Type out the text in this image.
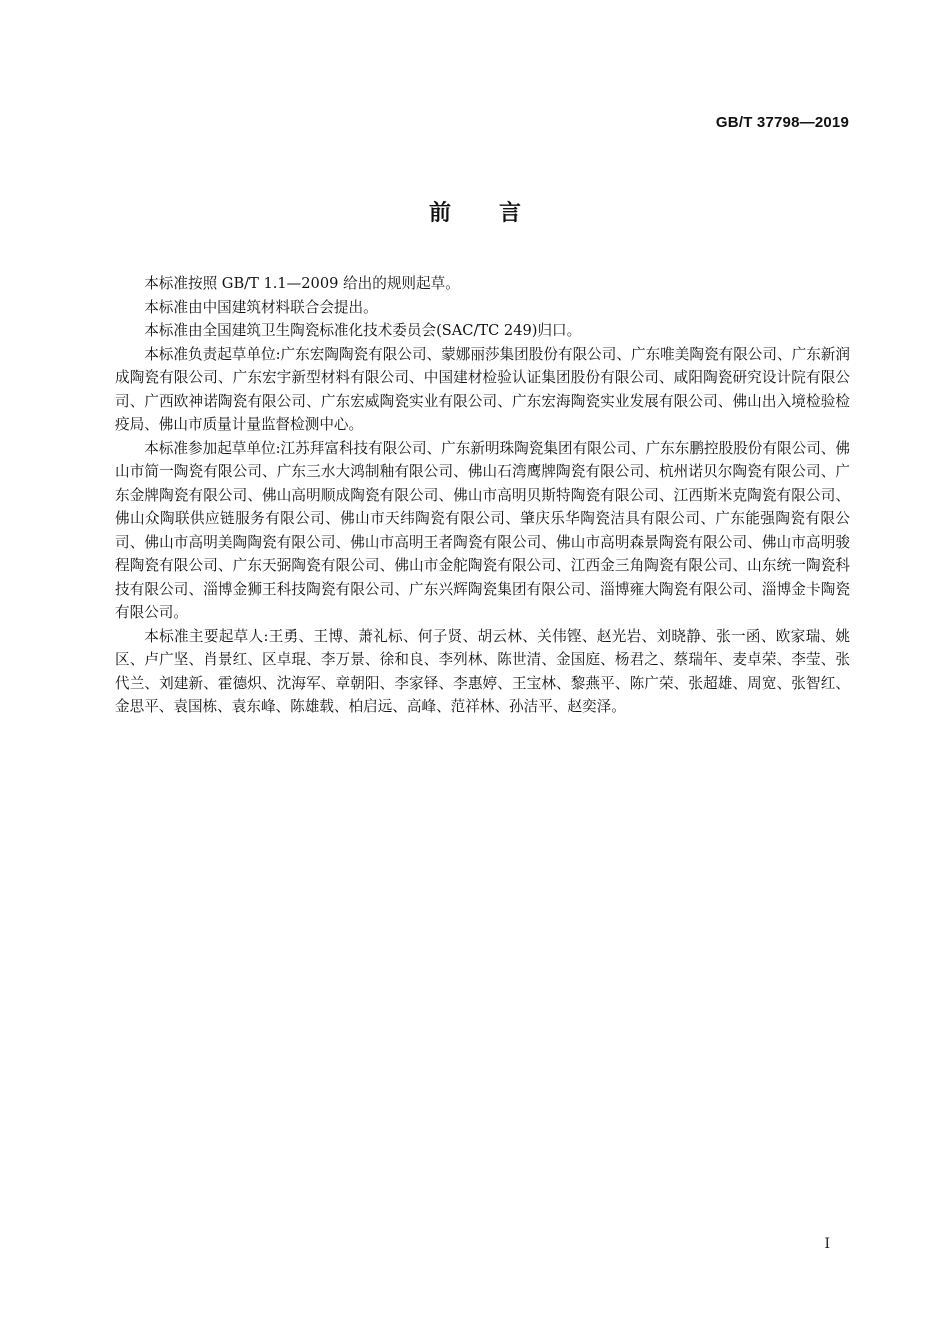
GB/T 37798—2019
前言

本标准按照 GB/T 1.1—2009 给出的规则起草。

本标准由中国建筑材料联合会提出。

本标准由全国建筑卫生陶瓷标准化技术委员会(SAC/TC 249)归口。

本标准负责起草单位:广东宏陶陶瓷有限公司、蒙娜丽莎集团股份有限公司、广东唯美陶瓷有限公司、广东新润成陶瓷有限公司、广东宏宇新型材料有限公司、中国建材检验认证集团股份有限公司、咸阳陶瓷研究设计院有限公司、广西欧神诺陶瓷有限公司、广东宏威陶瓷实业有限公司、广东宏海陶瓷实业发展有限公司、佛山出入境检验检疫局、佛山市质量计量监督检测中心。

本标准参加起草单位:江苏拜富科技有限公司、广东新明珠陶瓷集团有限公司、广东东鹏控股股份有限公司、佛山市简一陶瓷有限公司、广东三水大鸿制釉有限公司、佛山石湾鹰牌陶瓷有限公司、杭州诺贝尔陶瓷有限公司、广东金牌陶瓷有限公司、佛山高明顺成陶瓷有限公司、佛山市高明贝斯特陶瓷有限公司、江西斯米克陶瓷有限公司、佛山众陶联供应链服务有限公司、佛山市天纬陶瓷有限公司、肇庆乐华陶瓷洁具有限公司、广东能强陶瓷有限公司、佛山市高明美陶陶瓷有限公司、佛山市高明王者陶瓷有限公司、佛山市高明森景陶瓷有限公司、佛山市高明骏程陶瓷有限公司、广东天弼陶瓷有限公司、佛山市金舵陶瓷有限公司、江西金三角陶瓷有限公司、山东统一陶瓷科技有限公司、淄博金狮王科技陶瓷有限公司、广东兴辉陶瓷集团有限公司、淄博雍大陶瓷有限公司、淄博金卡陶瓷有限公司。

本标准主要起草人:王勇、王博、萧礼标、何子贤、胡云林、关伟铿、赵光岩、刘晓静、张一函、欧家瑞、姚区、卢广坚、肖景红、区卓琨、李万景、徐和良、李列林、陈世清、金国庭、杨君之、蔡瑞年、麦卓荣、李莹、张代兰、刘建新、霍德炽、沈海军、章朝阳、李家铎、李惠婷、王宝林、黎燕平、陈广荣、张超雄、周宽、张智红、金思平、袁国栋、袁东峰、陈雄载、柏启远、高峰、范祥林、孙洁平、赵奕泽。

I
